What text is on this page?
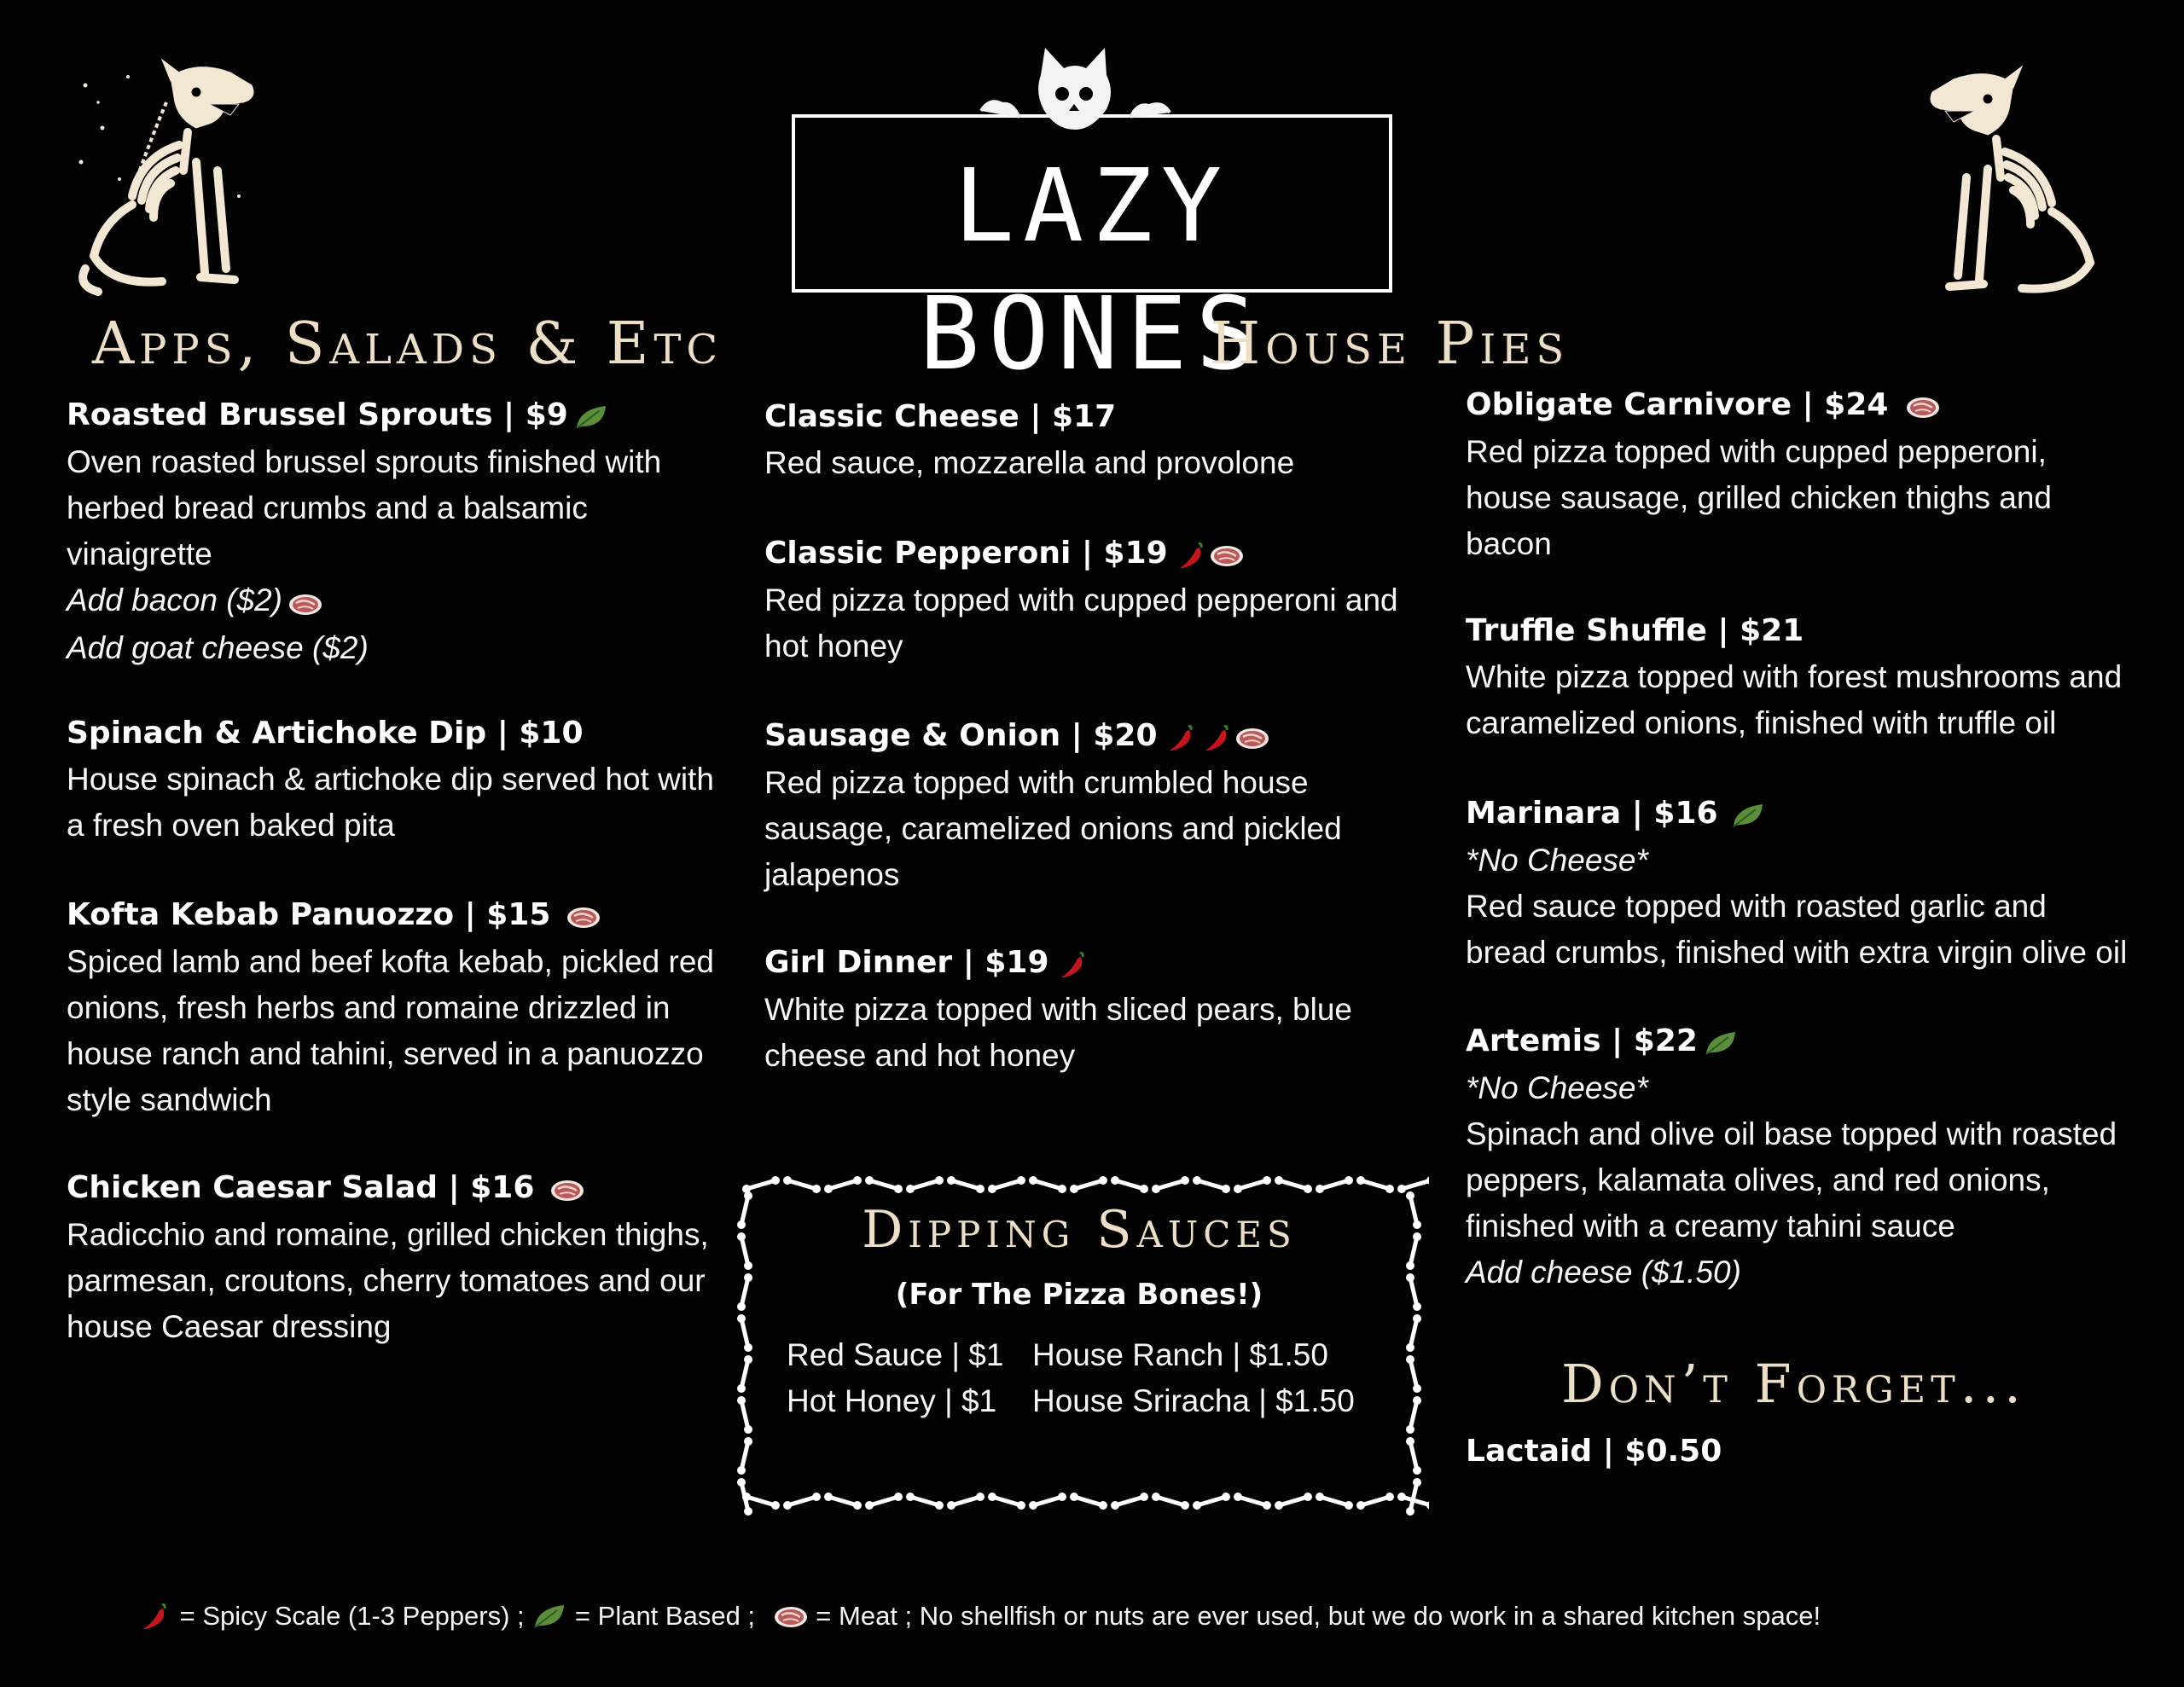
LAZY BONES
Apps, Salads & Etc	House Pies
Roasted Brussel Sprouts | $9
Oven roasted brussel sprouts finished with
herbed bread crumbs and a balsamic
vinaigrette
Add bacon ($2)
Add goat cheese ($2)
Spinach & Artichoke Dip | $10
House spinach & artichoke dip served hot with
a fresh oven baked pita
Kofta Kebab Panuozzo | $15
Spiced lamb and beef kofta kebab, pickled red
onions, fresh herbs and romaine drizzled in
house ranch and tahini, served in a panuozzo
style sandwich
Chicken Caesar Salad | $16
Radicchio and romaine, grilled chicken thighs,
parmesan, croutons, cherry tomatoes and our
house Caesar dressing
Classic Cheese | $17
Red sauce, mozzarella and provolone
Classic Pepperoni | $19
Red pizza topped with cupped pepperoni and
hot honey
Sausage & Onion | $20
Red pizza topped with crumbled house
sausage, caramelized onions and pickled
jalapenos
Girl Dinner | $19
White pizza topped with sliced pears, blue
cheese and hot honey
Obligate Carnivore | $24
Red pizza topped with cupped pepperoni,
house sausage, grilled chicken thighs and
bacon
Truffle Shuffle | $21
White pizza topped with forest mushrooms and
caramelized onions, finished with truffle oil
Marinara | $16
*No Cheese*
Red sauce topped with roasted garlic and
bread crumbs, finished with extra virgin olive oil
Artemis | $22
*No Cheese*
Spinach and olive oil base topped with roasted
peppers, kalamata olives, and red onions,
finished with a creamy tahini sauce
Add cheese ($1.50)
Don’t Forget...
Lactaid | $0.50
Dipping Sauces
(For The Pizza Bones!)
Red Sauce | $1 House Ranch | $1.50
Hot Honey | $1 House Sriracha | $1.50
= Spicy Scale (1-3 Peppers) ; = Plant Based ; = Meat ; No shellfish or nuts are ever used, but we do work in a shared kitchen space!
